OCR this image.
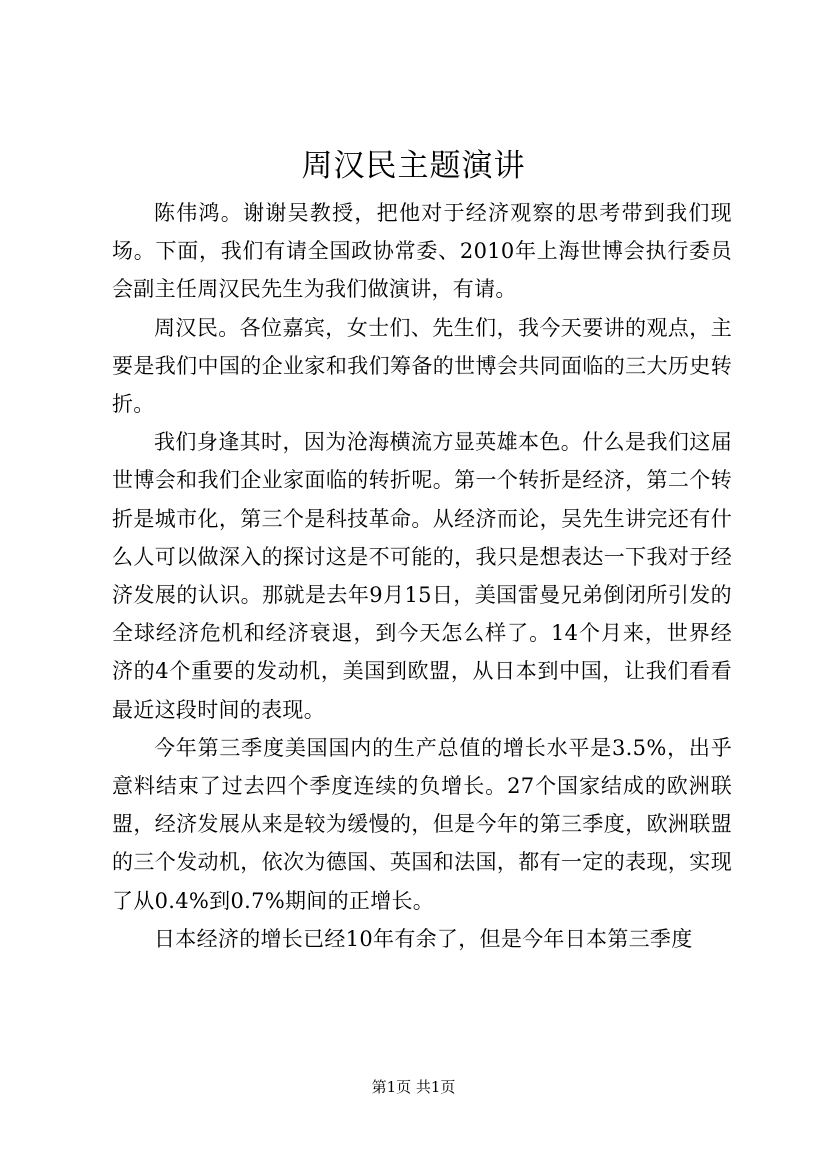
周汉民主题演讲

陈伟鸿。谢谢吴教授，把他对于经济观察的思考带到我们现场。下面，我们有请全国政协常委、2010年上海世博会执行委员会副主任周汉民先生为我们做演讲，有请。

周汉民。各位嘉宾，女士们、先生们，我今天要讲的观点，主要是我们中国的企业家和我们筹备的世博会共同面临的三大历史转折。

我们身逢其时，因为沧海横流方显英雄本色。什么是我们这届世博会和我们企业家面临的转折呢。第一个转折是经济，第二个转折是城市化，第三个是科技革命。从经济而论，吴先生讲完还有什么人可以做深入的探讨这是不可能的，我只是想表达一下我对于经济发展的认识。那就是去年9月15日，美国雷曼兄弟倒闭所引发的全球经济危机和经济衰退，到今天怎么样了。14个月来，世界经济的4个重要的发动机，美国到欧盟，从日本到中国，让我们看看最近这段时间的表现。

今年第三季度美国国内的生产总值的增长水平是3.5%，出乎意料结束了过去四个季度连续的负增长。27个国家结成的欧洲联盟，经济发展从来是较为缓慢的，但是今年的第三季度，欧洲联盟的三个发动机，依次为德国、英国和法国，都有一定的表现，实现了从0.4%到0.7%期间的正增长。

日本经济的增长已经10年有余了，但是今年日本第三季度

第1页 共1页
